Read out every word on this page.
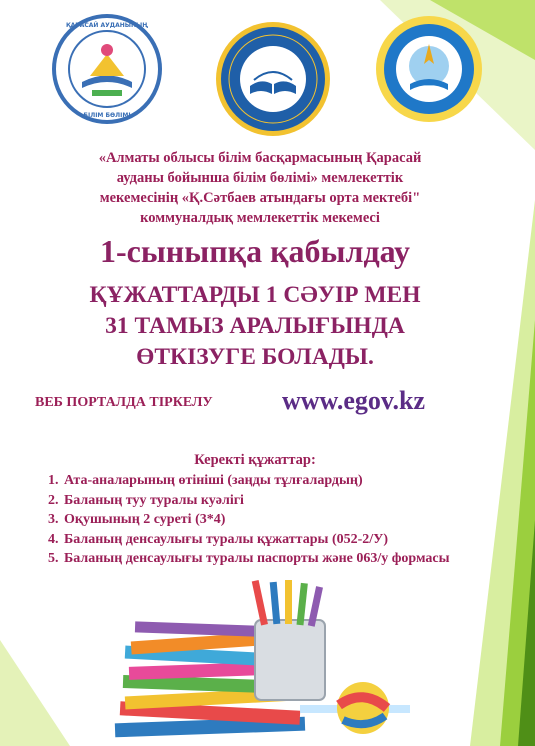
ҚАРАСАЙ АУДАНЫНЫҢ
БІЛІМ БӨЛІМІ
«Алматы облысы білім басқармасының Қарасай
ауданы бойынша білім бөлімі» мемлекеттік
мекемесінің «Қ.Сәтбаев атындағы орта мектебі"
коммуналдық мемлекеттік мекемесі
1-сыныпқа қабылдау
ҚҰЖАТТАРДЫ 1 СӘУІР МЕН
31 ТАМЫЗ АРАЛЫҒЫНДА
ӨТКІЗУГЕ БОЛАДЫ.
ВЕБ ПОРТАЛДА ТІРКЕЛУ	www.egov.kz
Керекті құжаттар:
1. Ата-аналарының өтініші (заңды тұлғалардың)
2. Баланың туу туралы куәлігі
3. Оқушының 2 суреті (3*4)
4. Баланың денсаулығы туралы құжаттары (052-2/У)
5. Баланың денсаулығы туралы паспорты және 063/у формасы
